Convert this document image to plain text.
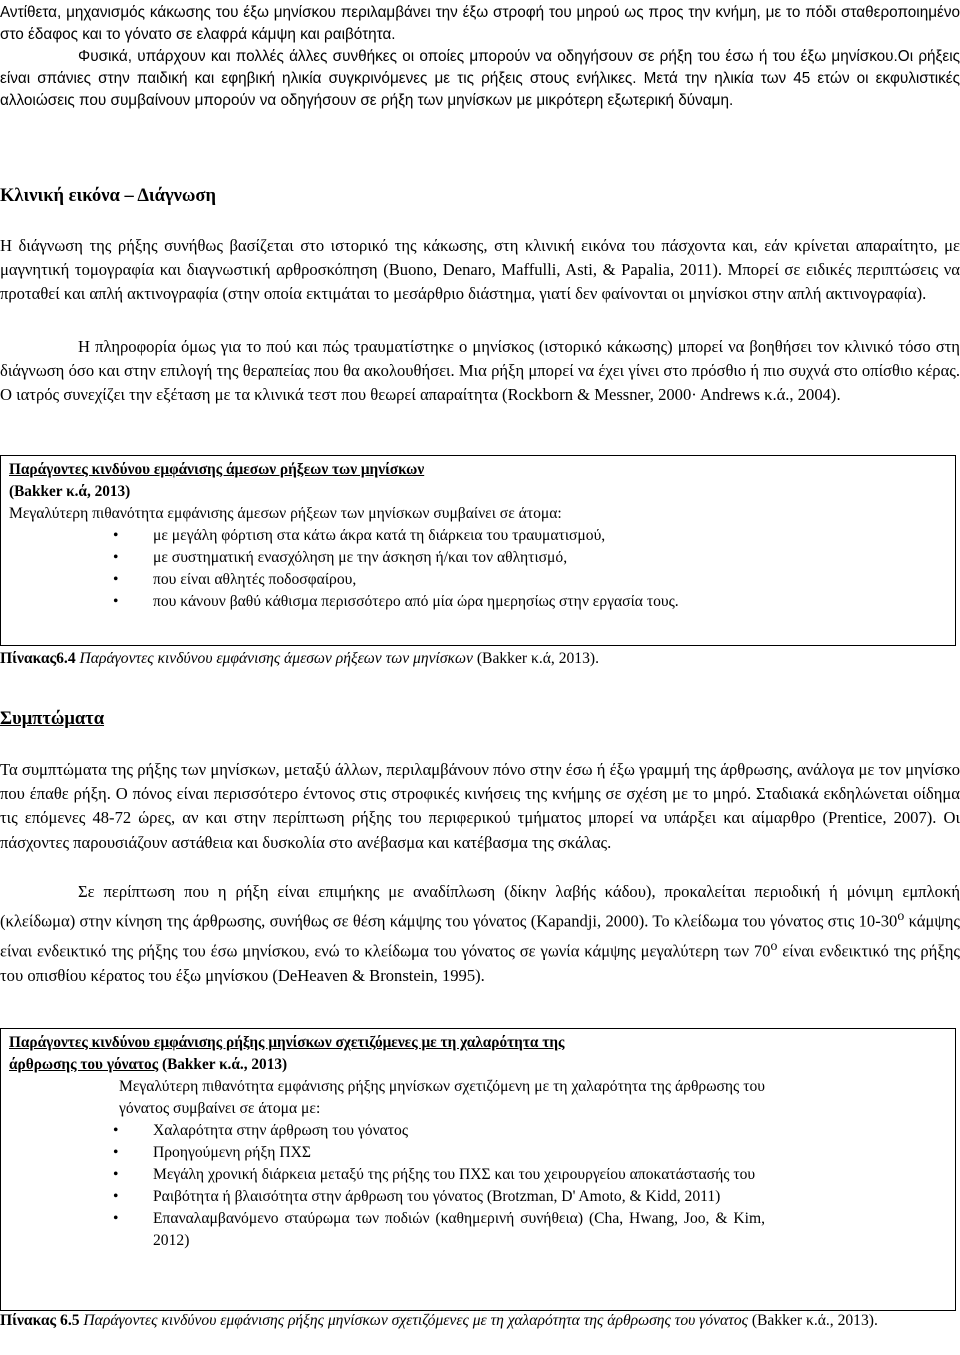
Αντίθετα, μηχανισμός κάκωσης του έξω μηνίσκου περιλαμβάνει την έξω στροφή του μηρού ως προς την κνήμη, με το πόδι σταθεροποιημένο στο έδαφος και το γόνατο σε ελαφρά κάμψη και ραιβότητα.

Φυσικά, υπάρχουν και πολλές άλλες συνθήκες οι οποίες μπορούν να οδηγήσουν σε ρήξη του έσω ή του έξω μηνίσκου.Οι ρήξεις είναι σπάνιες στην παιδική και εφηβική ηλικία συγκρινόμενες με τις ρήξεις στους ενήλικες. Μετά την ηλικία των 45 ετών οι εκφυλιστικές αλλοιώσεις που συμβαίνουν μπορούν να οδηγήσουν σε ρήξη των μηνίσκων με μικρότερη εξωτερική δύναμη.

Κλινική εικόνα – Διάγνωση

Η διάγνωση της ρήξης συνήθως βασίζεται στο ιστορικό της κάκωσης, στη κλινική εικόνα του πάσχοντα και, εάν κρίνεται απαραίτητο, με μαγνητική τομογραφία και διαγνωστική αρθροσκόπηση (Buono, Denaro, Maffulli, Asti, & Papalia, 2011). Μπορεί σε ειδικές περιπτώσεις να προταθεί και απλή ακτινογραφία (στην οποία εκτιμάται το μεσάρθριο διάστημα, γιατί δεν φαίνονται οι μηνίσκοι στην απλή ακτινογραφία).

Η πληροφορία όμως για το πού και πώς τραυματίστηκε ο μηνίσκος (ιστορικό κάκωσης) μπορεί να βοηθήσει τον κλινικό τόσο στη διάγνωση όσο και στην επιλογή της θεραπείας που θα ακολουθήσει. Μια ρήξη μπορεί να έχει γίνει στο πρόσθιο ή πιο συχνά στο οπίσθιο κέρας. Ο ιατρός συνεχίζει την εξέταση με τα κλινικά τεστ που θεωρεί απαραίτητα (Rockborn & Messner, 2000· Andrews κ.ά., 2004).

Παράγοντες κινδύνου εμφάνισης άμεσων ρήξεων των μηνίσκων
(Bakker κ.ά, 2013)

Μεγαλύτερη πιθανότητα εμφάνισης άμεσων ρήξεων των μηνίσκων συμβαίνει σε άτομα:

• με μεγάλη φόρτιση στα κάτω άκρα κατά τη διάρκεια του τραυματισμού,
• με συστηματική ενασχόληση με την άσκηση ή/και τον αθλητισμό,
• που είναι αθλητές ποδοσφαίρου,
• που κάνουν βαθύ κάθισμα περισσότερο από μία ώρα ημερησίως στην εργασία τους.

Πίνακας6.4 Παράγοντες κινδύνου εμφάνισης άμεσων ρήξεων των μηνίσκων (Bakker κ.ά, 2013).

Συμπτώματα

Τα συμπτώματα της ρήξης των μηνίσκων, μεταξύ άλλων, περιλαμβάνουν πόνο στην έσω ή έξω γραμμή της άρθρωσης, ανάλογα με τον μηνίσκο που έπαθε ρήξη. Ο πόνος είναι περισσότερο έντονος στις στροφικές κινήσεις της κνήμης σε σχέση με το μηρό. Σταδιακά εκδηλώνεται οίδημα τις επόμενες 48-72 ώρες, αν και στην περίπτωση ρήξης του περιφερικού τμήματος μπορεί να υπάρξει και αίμαρθρο (Prentice, 2007). Οι πάσχοντες παρουσιάζουν αστάθεια και δυσκολία στο ανέβασμα και κατέβασμα της σκάλας.

Σε περίπτωση που η ρήξη είναι επιμήκης με αναδίπλωση (δίκην λαβής κάδου), προκαλείται περιοδική ή μόνιμη εμπλοκή (κλείδωμα) στην κίνηση της άρθρωσης, συνήθως σε θέση κάμψης του γόνατος (Kapandji, 2000). Το κλείδωμα του γόνατος στις $10-30^o$ κάμψης είναι ενδεικτικό της ρήξης του έσω μηνίσκου, ενώ το κλείδωμα του γόνατος σε γωνία κάμψης μεγαλύτερη των $70^o$ είναι ενδεικτικό της ρήξης του οπισθίου κέρατος του έξω μηνίσκου (DeHeaven & Bronstein, 1995).

Παράγοντες κινδύνου εμφάνισης ρήξης μηνίσκων σχετιζόμενες με τη χαλαρότητα της
άρθρωσης του γόνατος (Bakker κ.ά., 2013)

Μεγαλύτερη πιθανότητα εμφάνισης ρήξης μηνίσκων σχετιζόμενη με τη χαλαρότητα της άρθρωσης του γόνατος συμβαίνει σε άτομα με:

• Χαλαρότητα στην άρθρωση του γόνατος
• Προηγούμενη ρήξη ΠΧΣ
• Μεγάλη χρονική διάρκεια μεταξύ της ρήξης του ΠΧΣ και του χειρουργείου αποκατάστασής του
• Ραιβότητα ή βλαισότητα στην άρθρωση του γόνατος (Brotzman, D' Amoto, & Kidd, 2011)
• Επαναλαμβανόμενο σταύρωμα των ποδιών (καθημερινή συνήθεια) (Cha, Hwang, Joo, & Kim, 2012)

Πίνακας 6.5 Παράγοντες κινδύνου εμφάνισης ρήξης μηνίσκων σχετιζόμενες με τη χαλαρότητα της άρθρωσης του γόνατος (Bakker κ.ά., 2013).
